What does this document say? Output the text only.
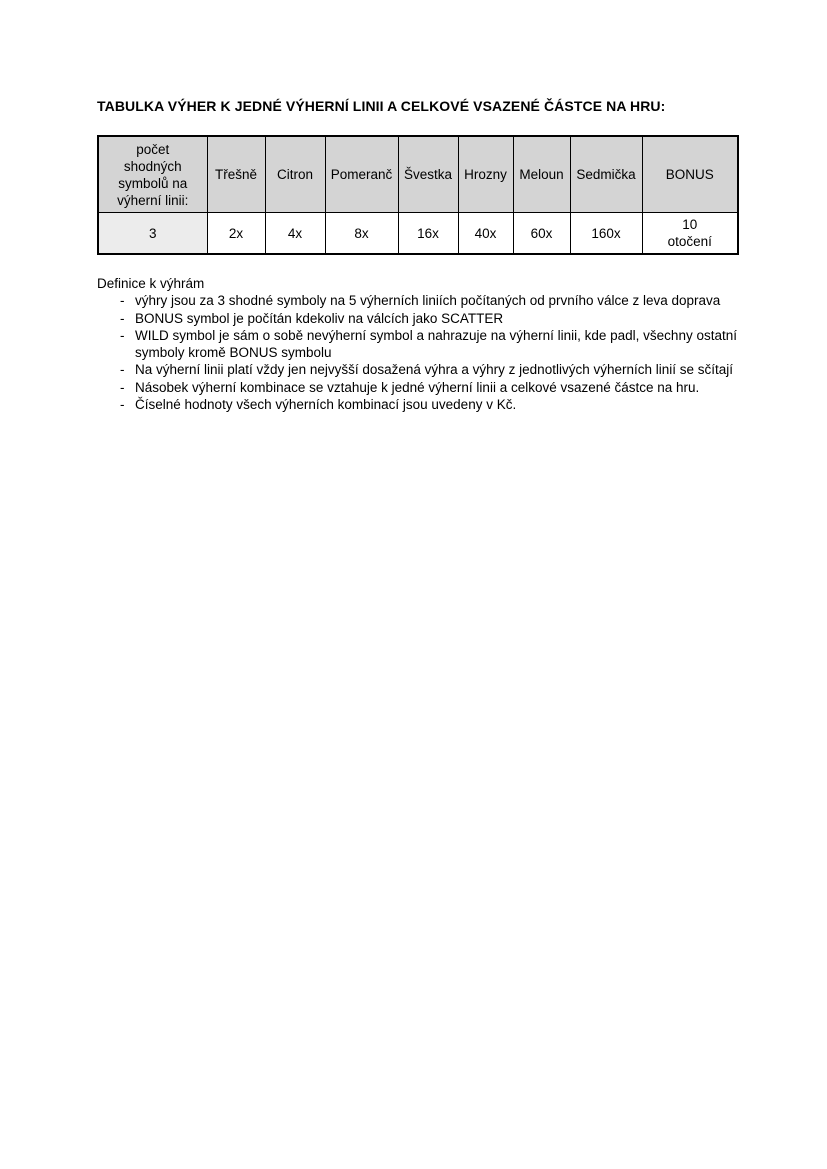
TABULKA VÝHER K JEDNÉ VÝHERNÍ LINII A CELKOVÉ VSAZENÉ ČÁSTCE NA HRU:
počet shodných symbolů na výherní linii:	Třešně	Citron	Pomeranč	Švestka	Hrozny	Meloun	Sedmička	BONUS
3	2x	4x	8x	16x	40x	60x	160x	10 otočení

Definice k výhrám

- výhry jsou za 3 shodné symboly na 5 výherních liniích počítaných od prvního válce z leva doprava
- BONUS symbol je počítán kdekoliv na válcích jako SCATTER
- WILD symbol je sám o sobě nevýherní symbol a nahrazuje na výherní linii, kde padl, všechny ostatní symboly kromě BONUS symbolu
- Na výherní linii platí vždy jen nejvyšší dosažená výhra a výhry z jednotlivých výherních linií se sčítají
- Násobek výherní kombinace se vztahuje k jedné výherní linii a celkové vsazené částce na hru.
- Číselné hodnoty všech výherních kombinací jsou uvedeny v Kč.
